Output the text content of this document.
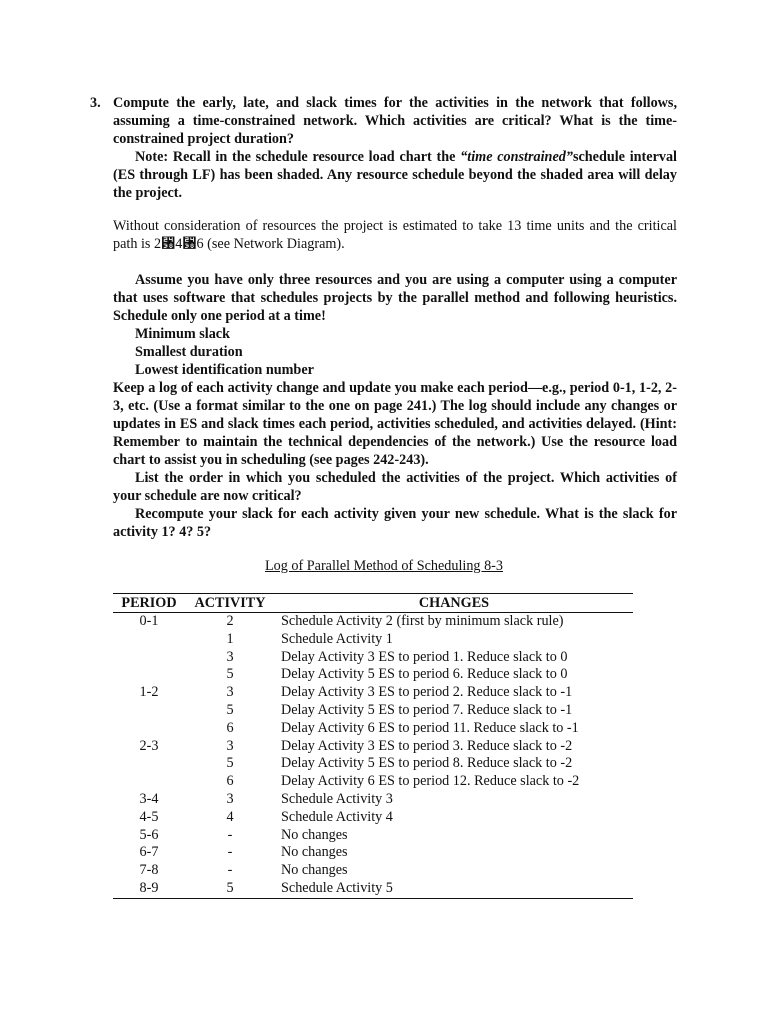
3. Compute the early, late, and slack times for the activities in the network that follows, assuming a time-constrained network. Which activities are critical? What is the time-constrained project duration?

Note: Recall in the schedule resource load chart the “time constrained”schedule interval (ES through LF) has been shaded. Any resource schedule beyond the shaded area will delay the project.

Without consideration of resources the project is estimated to take 13 time units and the critical path is 2␸4␸6 (see Network Diagram).

Assume you have only three resources and you are using a computer using a computer that uses software that schedules projects by the parallel method and following heuristics. Schedule only one period at a time!

Minimum slack

Smallest duration

Lowest identification number

Keep a log of each activity change and update you make each period—e.g., period 0-1, 1-2, 2-3, etc. (Use a format similar to the one on page 241.) The log should include any changes or updates in ES and slack times each period, activities scheduled, and activities delayed. (Hint: Remember to maintain the technical dependencies of the network.) Use the resource load chart to assist you in scheduling (see pages 242-243).

List the order in which you scheduled the activities of the project. Which activities of your schedule are now critical?

Recompute your slack for each activity given your new schedule. What is the slack for activity 1? 4? 5?

Log of Parallel Method of Scheduling 8-3
PERIOD	ACTIVITY	CHANGES
0-1	2	Schedule Activity 2 (first by minimum slack rule)
	1	Schedule Activity 1
	3	Delay Activity 3 ES to period 1. Reduce slack to 0
	5	Delay Activity 5 ES to period 6. Reduce slack to 0
1-2	3	Delay Activity 3 ES to period 2. Reduce slack to -1
	5	Delay Activity 5 ES to period 7. Reduce slack to -1
	6	Delay Activity 6 ES to period 11. Reduce slack to -1
2-3	3	Delay Activity 3 ES to period 3. Reduce slack to -2
	5	Delay Activity 5 ES to period 8. Reduce slack to -2
	6	Delay Activity 6 ES to period 12. Reduce slack to -2
3-4	3	Schedule Activity 3
4-5	4	Schedule Activity 4
5-6	-	No changes
6-7	-	No changes
7-8	-	No changes
8-9	5	Schedule Activity 5
